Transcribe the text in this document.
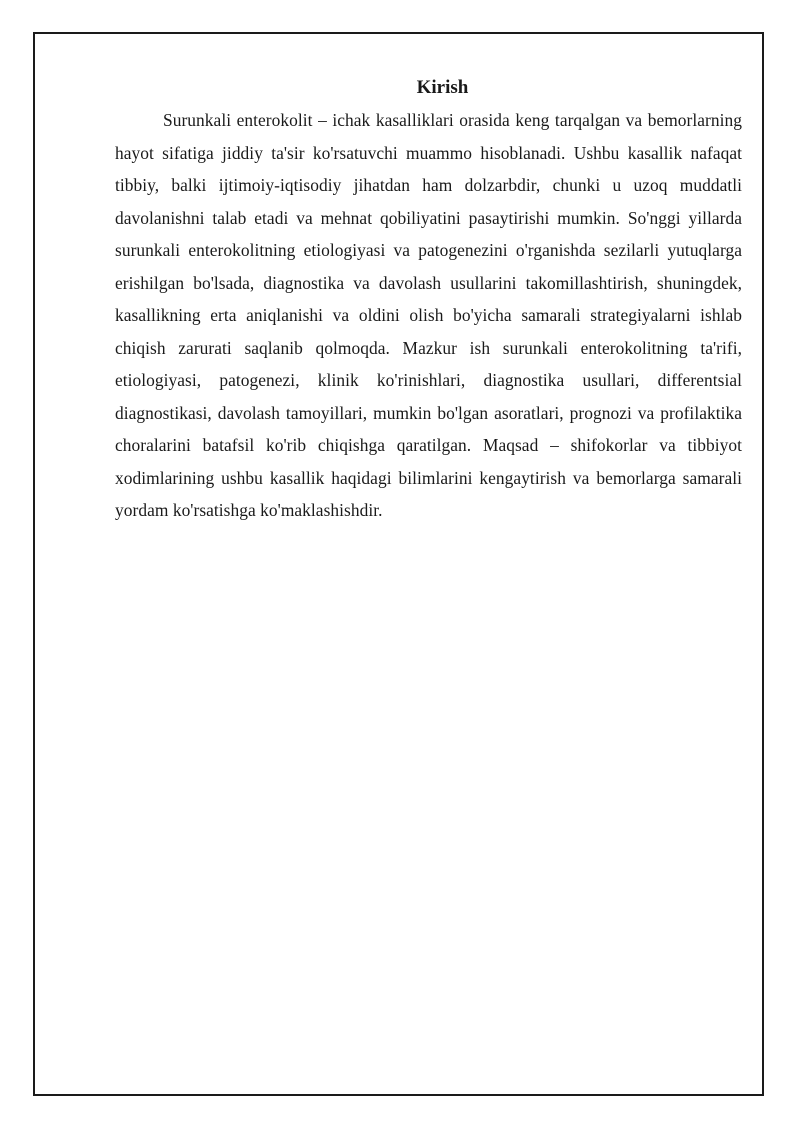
Kirish

Surunkali enterokolit – ichak kasalliklari orasida keng tarqalgan va bemorlarning hayot sifatiga jiddiy ta'sir ko'rsatuvchi muammo hisoblanadi. Ushbu kasallik nafaqat tibbiy, balki ijtimoiy-iqtisodiy jihatdan ham dolzarbdir, chunki u uzoq muddatli davolanishni talab etadi va mehnat qobiliyatini pasaytirishi mumkin. So'nggi yillarda surunkali enterokolitning etiologiyasi va patogenezini o'rganishda sezilarli yutuqlarga erishilgan bo'lsada, diagnostika va davolash usullarini takomillashtirish, shuningdek, kasallikning erta aniqlanishi va oldini olish bo'yicha samarali strategiyalarni ishlab chiqish zarurati saqlanib qolmoqda. Mazkur ish surunkali enterokolitning ta'rifi, etiologiyasi, patogenezi, klinik ko'rinishlari, diagnostika usullari, differentsial diagnostikasi, davolash tamoyillari, mumkin bo'lgan asoratlari, prognozi va profilaktika choralarini batafsil ko'rib chiqishga qaratilgan. Maqsad – shifokorlar va tibbiyot xodimlarining ushbu kasallik haqidagi bilimlarini kengaytirish va bemorlarga samarali yordam ko'rsatishga ko'maklashishdir.
